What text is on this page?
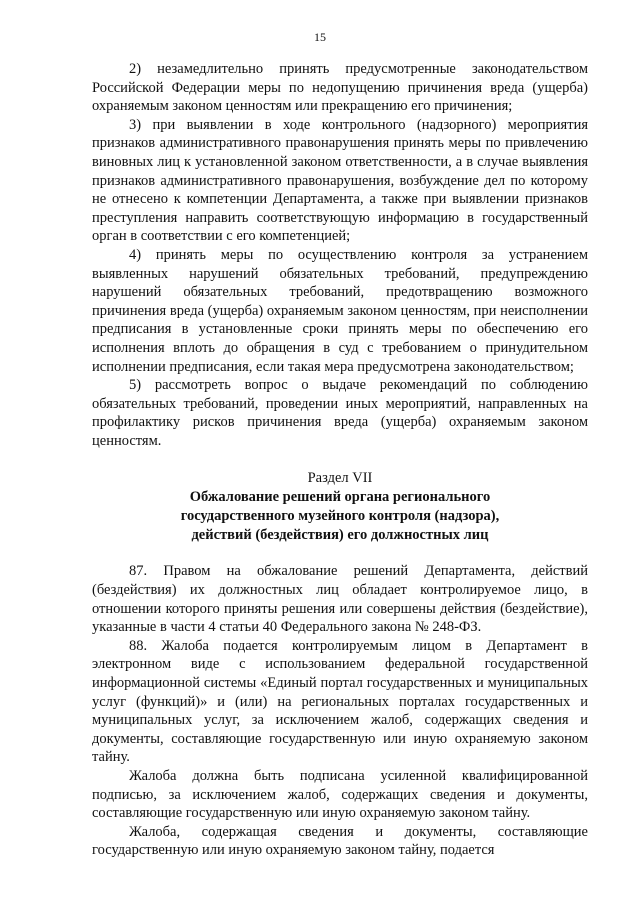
15

2) незамедлительно принять предусмотренные законодательством Российской Федерации меры по недопущению причинения вреда (ущерба) охраняемым законом ценностям или прекращению его причинения;

3) при выявлении в ходе контрольного (надзорного) мероприятия признаков административного правонарушения принять меры по привлечению виновных лиц к установленной законом ответственности, а в случае выявления признаков административного правонарушения, возбуждение дел по которому не отнесено к компетенции Департамента, а также при выявлении признаков преступления направить соответствующую информацию в государственный орган в соответствии с его компетенцией;

4) принять меры по осуществлению контроля за устранением выявленных нарушений обязательных требований, предупреждению нарушений обязательных требований, предотвращению возможного причинения вреда (ущерба) охраняемым законом ценностям, при неисполнении предписания в установленные сроки принять меры по обеспечению его исполнения вплоть до обращения в суд с требованием о принудительном исполнении предписания, если такая мера предусмотрена законодательством;

5) рассмотреть вопрос о выдаче рекомендаций по соблюдению обязательных требований, проведении иных мероприятий, направленных на профилактику рисков причинения вреда (ущерба) охраняемым законом ценностям.

Раздел VII

Обжалование решений органа регионального
государственного музейного контроля (надзора),
действий (бездействия) его должностных лиц

87. Правом на обжалование решений Департамента, действий (бездействия) их должностных лиц обладает контролируемое лицо, в отношении которого приняты решения или совершены действия (бездействие), указанные в части 4 статьи 40 Федерального закона № 248-ФЗ.

88. Жалоба подается контролируемым лицом в Департамент в электронном виде с использованием федеральной государственной информационной системы «Единый портал государственных и муниципальных услуг (функций)» и (или) на региональных порталах государственных и муниципальных услуг, за исключением жалоб, содержащих сведения и документы, составляющие государственную или иную охраняемую законом тайну.

Жалоба должна быть подписана усиленной квалифицированной подписью, за исключением жалоб, содержащих сведения и документы, составляющие государственную или иную охраняемую законом тайну.

Жалоба, содержащая сведения и документы, составляющие государственную или иную охраняемую законом тайну, подается
